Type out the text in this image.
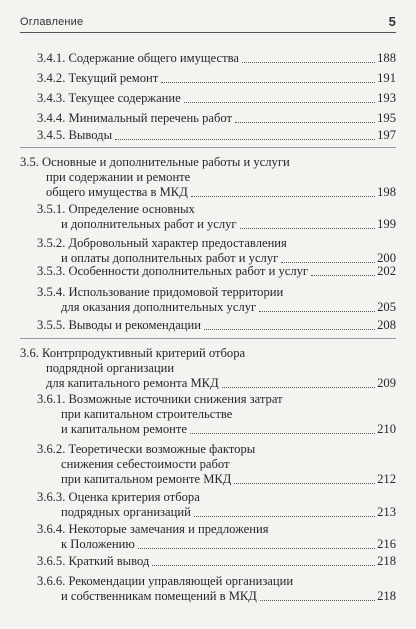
Оглавление	5
3.4.1. Содержание общего имущества	188
3.4.2. Текущий ремонт	191
3.4.3. Текущее содержание	193
3.4.4. Минимальный перечень работ	195
3.4.5. Выводы	197
3.5. Основные и дополнительные работы и услуги
при содержании и ремонте
общего имущества в МКД	198
3.5.1. Определение основных
и дополнительных работ и услуг	199
3.5.2. Добровольный характер предоставления
и оплаты дополнительных работ и услуг	200
3.5.3. Особенности дополнительных работ и услуг	202
3.5.4. Использование придомовой территории
для оказания дополнительных услуг	205
3.5.5. Выводы и рекомендации	208
3.6. Контрпродуктивный критерий отбора
подрядной организации
для капитального ремонта МКД	209
3.6.1. Возможные источники снижения затрат
при капитальном строительстве
и капитальном ремонте	210
3.6.2. Теоретически возможные факторы
снижения себестоимости работ
при капитальном ремонте МКД	212
3.6.3. Оценка критерия отбора
подрядных организаций	213
3.6.4. Некоторые замечания и предложения
к Положению	216
3.6.5. Краткий вывод	218
3.6.6. Рекомендации управляющей организации
и собственникам помещений в МКД	218
